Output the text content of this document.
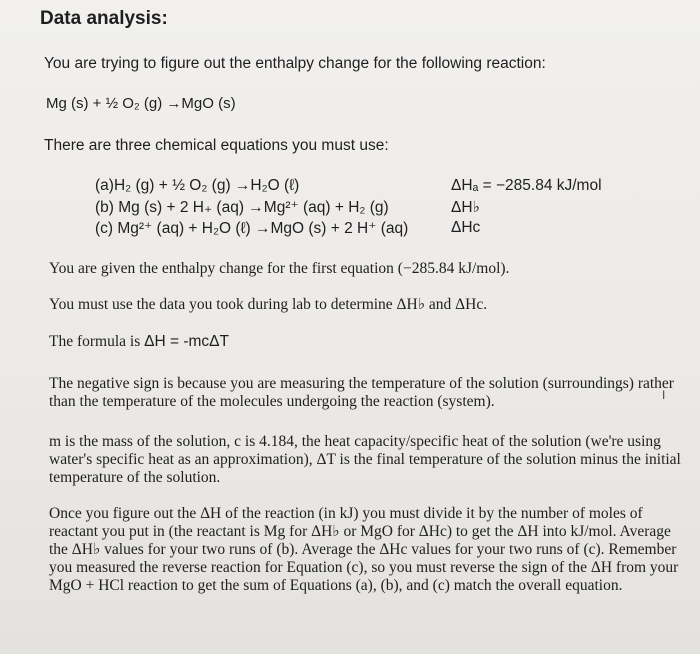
Data analysis:
You are trying to figure out the enthalpy change for the following reaction:
Mg (s) + ½ O₂ (g) →MgO (s)
There are three chemical equations you must use:
(a)H₂ (g) + ½ O₂ (g) →H₂O (ℓ)
(b) Mg (s) + 2 H₊ (aq) →Mg²⁺ (aq) + H₂ (g)
(c) Mg²⁺ (aq) + H₂O (ℓ) →MgO (s) + 2 H⁺ (aq)
ΔHₐ = −285.84 kJ/mol
ΔH♭
ΔHc
You are given the enthalpy change for the first equation (−285.84 kJ/mol).
You must use the data you took during lab to determine ΔH♭ and ΔHc.
The formula is ΔH = -mcΔT
The negative sign is because you are measuring the temperature of the solution (surroundings) rather than the temperature of the molecules undergoing the reaction (system).	I
m is the mass of the solution, c is 4.184, the heat capacity/specific heat of the solution (we're using water's specific heat as an approximation), ΔT is the final temperature of the solution minus the initial temperature of the solution.
Once you figure out the ΔH of the reaction (in kJ) you must divide it by the number of moles of reactant you put in (the reactant is Mg for ΔH♭ or MgO for ΔHc) to get the ΔH into kJ/mol. Average the ΔH♭ values for your two runs of (b). Average the ΔHc values for your two runs of (c). Remember you measured the reverse reaction for Equation (c), so you must reverse the sign of the ΔH from your MgO + HCl reaction to get the sum of Equations (a), (b), and (c) match the overall equation.
